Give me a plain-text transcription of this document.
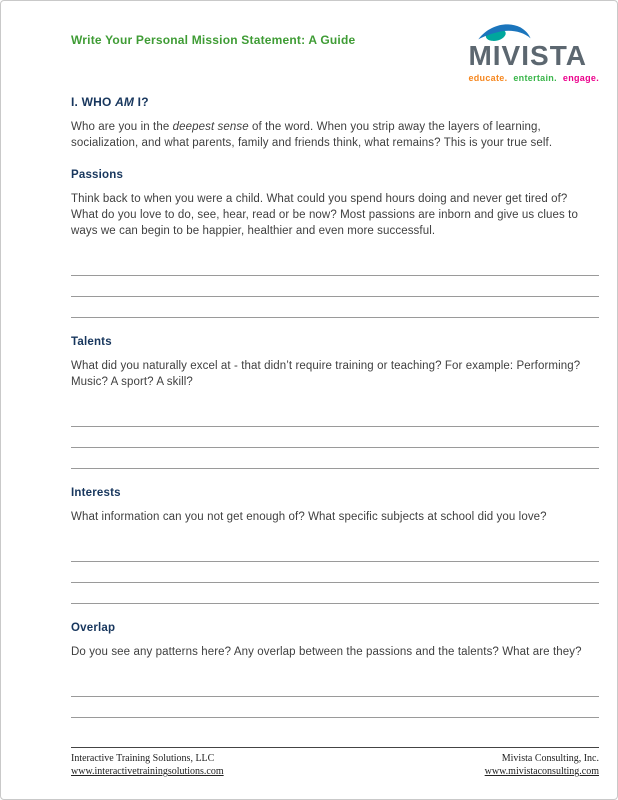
Write Your Personal Mission Statement: A Guide	MIVISTA
educate. entertain. engage.
I. WHO AM I?

Who are you in the deepest sense of the word. When you strip away the layers of learning, socialization, and what parents, family and friends think, what remains? This is your true self.

Passions

Think back to when you were a child. What could you spend hours doing and never get tired of? What do you love to do, see, hear, read or be now? Most passions are inborn and give us clues to ways we can begin to be happier, healthier and even more successful.

Talents

What did you naturally excel at - that didn’t require training or teaching? For example: Performing? Music? A sport? A skill?

Interests

What information can you not get enough of? What specific subjects at school did you love?

Overlap

Do you see any patterns here? Any overlap between the passions and the talents? What are they?

Interactive Training Solutions, LLC
www.interactivetrainingsolutions.com
Mivista Consulting, Inc.
www.mivistaconsulting.com
